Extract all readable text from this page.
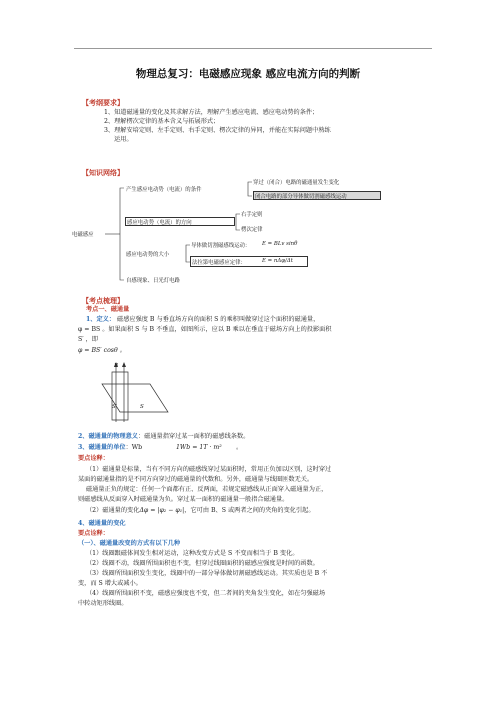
物理总复习：电磁感应现象 感应电流方向的判断
【考纲要求】
1、知道磁通量的变化及其求解方法，理解产生感应电流、感应电动势的条件；
2、理解楞次定律的基本含义与拓展形式；
3、理解安培定则、左手定则、右手定则、楞次定律的异同，并能在实际问题中熟练
运用。
【知识网络】
电磁感应
产生感应电动势（电流）的条件
穿过（闭合）电路的磁通量发生变化
闭合电路的部分导体做切割磁感线运动
感应电动势（电流）的方向
右手定则
楞次定律
感应电动势的大小
导体做切割磁感线运动： E = BLv sinθ
法拉第电磁感应定律：	E = nΔφ/Δt
自感现象、日光灯电路
【考点梳理】
考点一、磁通量
1、定义： 磁感应强度 B 与垂直场方向的面积 S 的乘积叫做穿过这个面积的磁通量，
φ = BS 。如果面积 S 与 B 不垂直，如图所示，应以 B 乘以在垂直于磁场方向上的投影面积
S′ ，即
φ = BS′ cosθ 。
B
S′	S
2、磁通量的物理意义：磁通量指穿过某一面积的磁感线条数。
3、磁通量的单位：Wb	1Wb = 1T · m² 。
要点诠释：
（1）磁通量是标量，当有不同方向的磁感线穿过某面积时，常用正负加以区别，这时穿过
某面的磁通量指的是不同方向穿过的磁通量的代数和。另外，磁通量与线圈匝数无关。
磁通量正负的规定：任何一个面都有正、反两面，若规定磁感线从正面穿入磁通量为正，
则磁感线从反面穿入时磁通量为负。穿过某一面积的磁通量一般指合磁通量。
（2）磁通量的变化Δφ = |φ₂ − φ₁|，它可由 B、S 或两者之间的夹角的变化引起。
4、磁通量的变化
要点诠释：
（一）、磁通量改变的方式有以下几种
（1）线圈跟磁体间发生相对运动，这种改变方式是 S 不变而相当于 B 变化。
（2）线圈不动，线圈所围面积也不变，但穿过线圈面积的磁感应强度是时间的函数。
（3）线圈所围面积发生变化，线圈中的一部分导体做切割磁感线运动。其实质也是 B 不
变，而 S 增大或减小。
（4）线圈所围面积不变，磁感应强度也不变，但二者间的夹角发生变化，如在匀强磁场
中转动矩形线圈。
